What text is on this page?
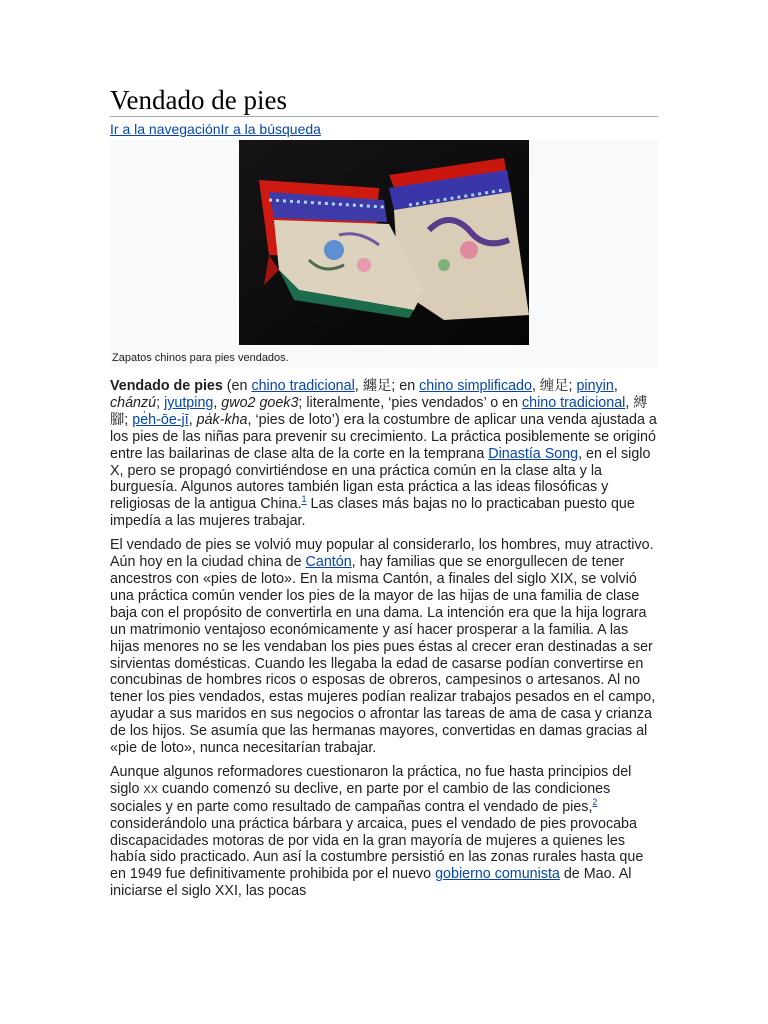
Vendado de pies
Ir a la navegaciónIr a la búsqueda
Zapatos chinos para pies vendados.

Vendado de pies (en chino tradicional, 纏足; en chino simplificado, 缠足; pinyin, chánzú; jyutping, gwo2 goek3; literalmente, ‘pies vendados’ o en chino tradicional, 縛腳; pe̍h-ōe-jī, pa̍k-kha, ‘pies de loto’) era la costumbre de aplicar una venda ajustada a los pies de las niñas para prevenir su crecimiento. La práctica posiblemente se originó entre las bailarinas de clase alta de la corte en la temprana Dinastía Song, en el siglo X, pero se propagó convirtiéndose en una práctica común en la clase alta y la burguesía. Algunos autores también ligan esta práctica a las ideas filosóficas y religiosas de la antigua China.$^1$ Las clases más bajas no lo practicaban puesto que impedía a las mujeres trabajar.

El vendado de pies se volvió muy popular al considerarlo, los hombres, muy atractivo. Aún hoy en la ciudad china de Cantón, hay familias que se enorgullecen de tener ancestros con «pies de loto». En la misma Cantón, a finales del siglo XIX, se volvió una práctica común vender los pies de la mayor de las hijas de una familia de clase baja con el propósito de convertirla en una dama. La intención era que la hija lograra un matrimonio ventajoso económicamente y así hacer prosperar a la familia. A las hijas menores no se les vendaban los pies pues éstas al crecer eran destinadas a ser sirvientas domésticas. Cuando les llegaba la edad de casarse podían convertirse en concubinas de hombres ricos o esposas de obreros, campesinos o artesanos. Al no tener los pies vendados, estas mujeres podían realizar trabajos pesados en el campo, ayudar a sus maridos en sus negocios o afrontar las tareas de ama de casa y crianza de los hijos. Se asumía que las hermanas mayores, convertidas en damas gracias al «pie de loto», nunca necesitarían trabajar.

Aunque algunos reformadores cuestionaron la práctica, no fue hasta principios del siglo XX cuando comenzó su declive, en parte por el cambio de las condiciones sociales y en parte como resultado de campañas contra el vendado de pies,$^2$ considerándolo una práctica bárbara y arcaica, pues el vendado de pies provocaba discapacidades motoras de por vida en la gran mayoría de mujeres a quienes les había sido practicado. Aun así la costumbre persistió en las zonas rurales hasta que en 1949 fue definitivamente prohibida por el nuevo gobierno comunista de Mao. Al iniciarse el siglo XXI, las pocas
